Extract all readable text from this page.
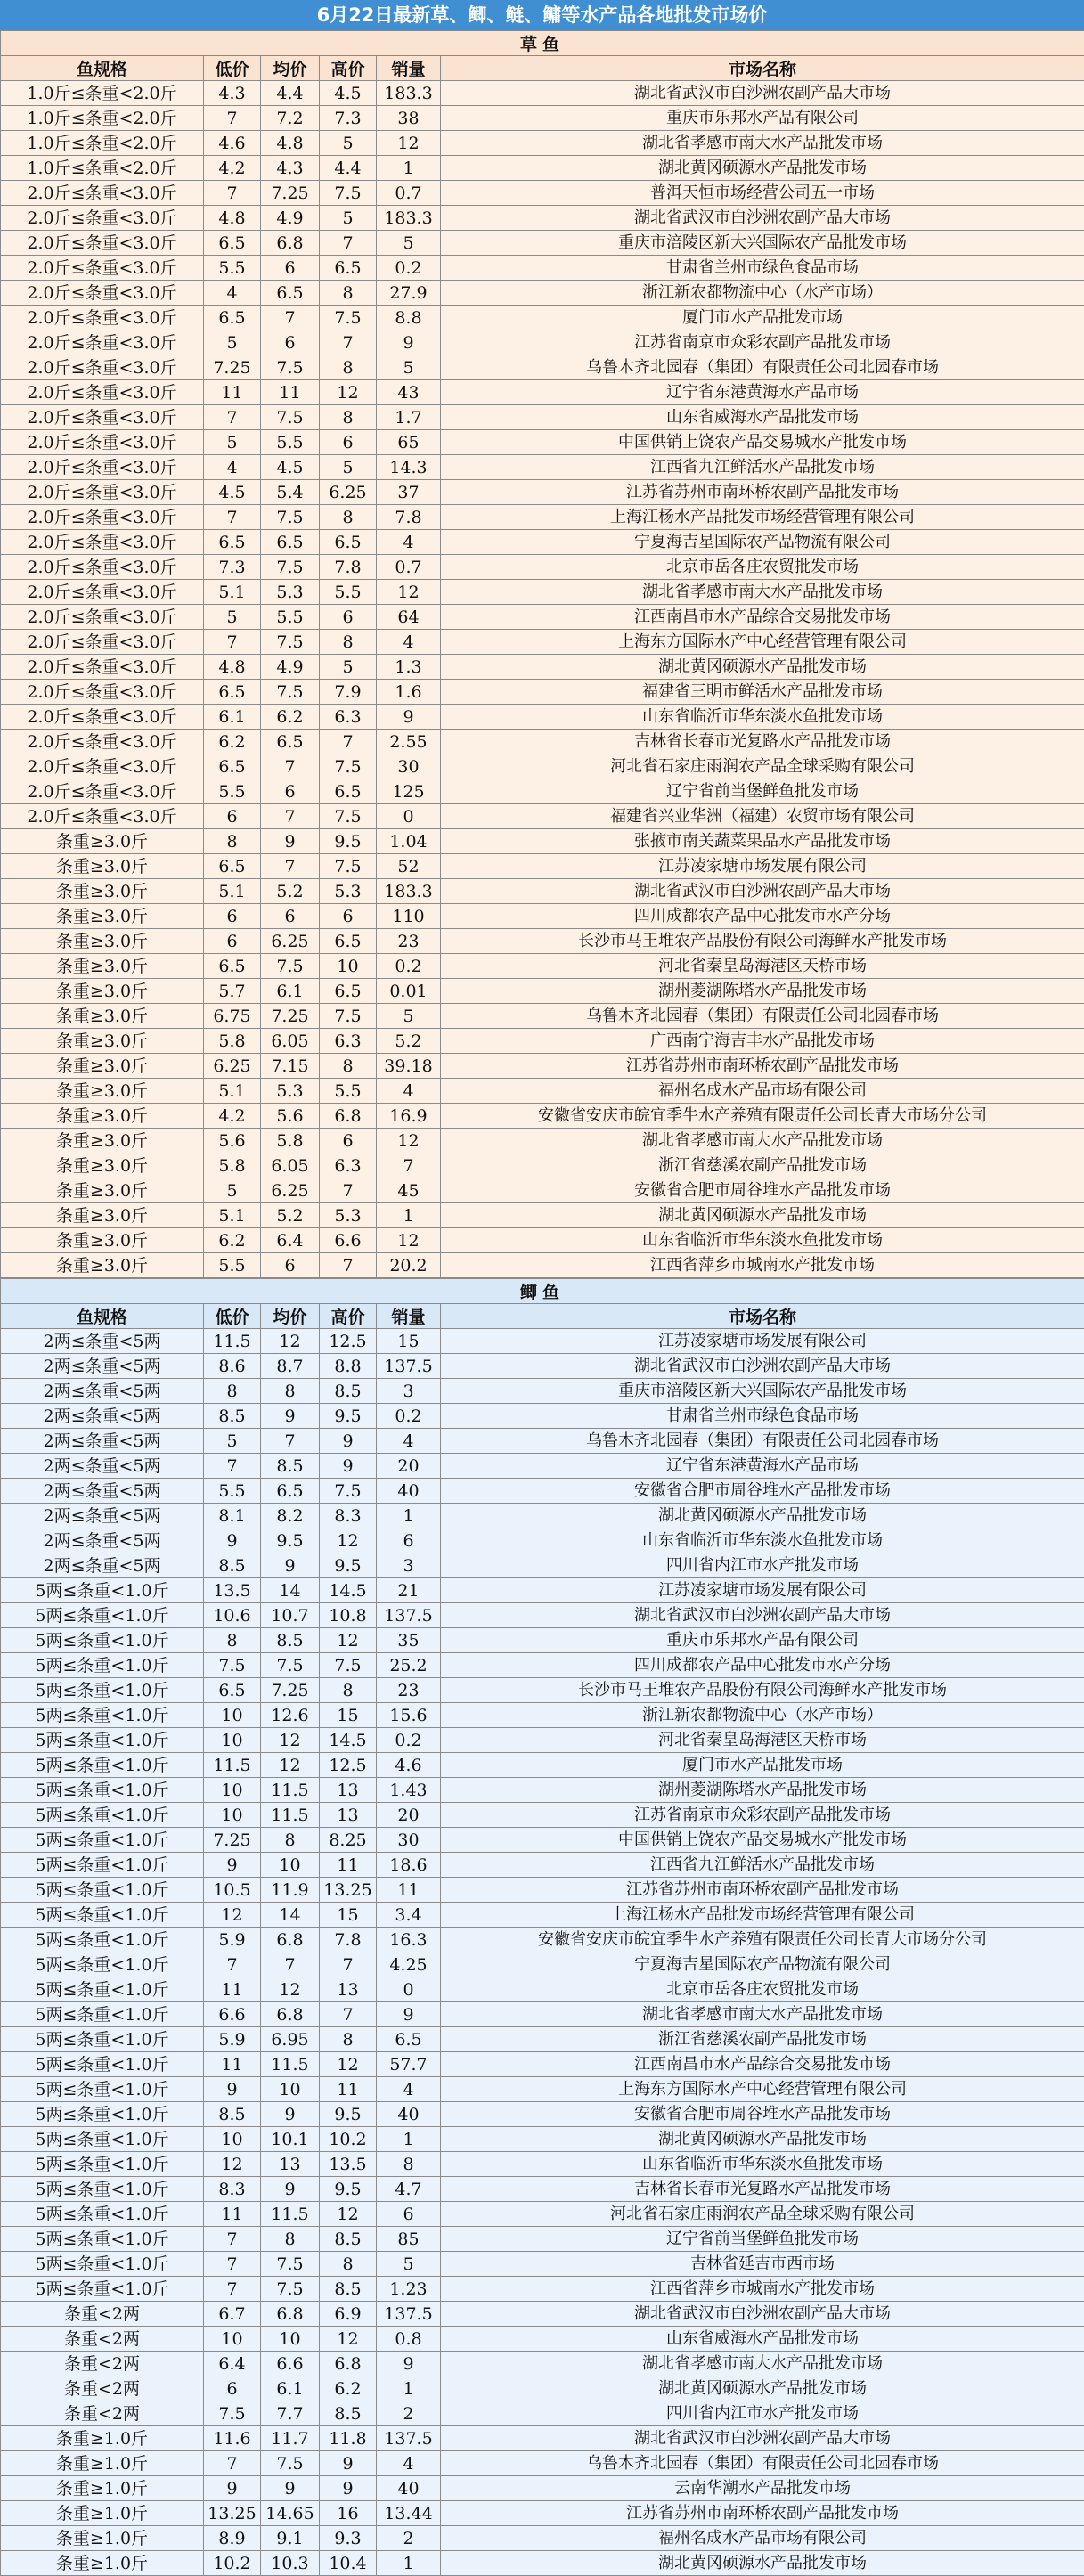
6月22日最新草、鲫、鲢、鳙等水产品各地批发市场价
草鱼					
鱼规格	低价	均价	高价	销量	市场名称
1.0斤≤条重<2.0斤	4.3	4.4	4.5	183.3	湖北省武汉市白沙洲农副产品大市场
1.0斤≤条重<2.0斤	7	7.2	7.3	38	重庆市乐邦水产品有限公司
1.0斤≤条重<2.0斤	4.6	4.8	5	12	湖北省孝感市南大水产品批发市场
1.0斤≤条重<2.0斤	4.2	4.3	4.4	1	湖北黄冈硕源水产品批发市场
2.0斤≤条重<3.0斤	7	7.25	7.5	0.7	普洱天恒市场经营公司五一市场
2.0斤≤条重<3.0斤	4.8	4.9	5	183.3	湖北省武汉市白沙洲农副产品大市场
2.0斤≤条重<3.0斤	6.5	6.8	7	5	重庆市涪陵区新大兴国际农产品批发市场
2.0斤≤条重<3.0斤	5.5	6	6.5	0.2	甘肃省兰州市绿色食品市场
2.0斤≤条重<3.0斤	4	6.5	8	27.9	浙江新农都物流中心（水产市场）
2.0斤≤条重<3.0斤	6.5	7	7.5	8.8	厦门市水产品批发市场
2.0斤≤条重<3.0斤	5	6	7	9	江苏省南京市众彩农副产品批发市场
2.0斤≤条重<3.0斤	7.25	7.5	8	5	乌鲁木齐北园春（集团）有限责任公司北园春市场
2.0斤≤条重<3.0斤	11	11	12	43	辽宁省东港黄海水产品市场
2.0斤≤条重<3.0斤	7	7.5	8	1.7	山东省威海水产品批发市场
2.0斤≤条重<3.0斤	5	5.5	6	65	中国供销上饶农产品交易城水产批发市场
2.0斤≤条重<3.0斤	4	4.5	5	14.3	江西省九江鲜活水产品批发市场
2.0斤≤条重<3.0斤	4.5	5.4	6.25	37	江苏省苏州市南环桥农副产品批发市场
2.0斤≤条重<3.0斤	7	7.5	8	7.8	上海江杨水产品批发市场经营管理有限公司
2.0斤≤条重<3.0斤	6.5	6.5	6.5	4	宁夏海吉星国际农产品物流有限公司
2.0斤≤条重<3.0斤	7.3	7.5	7.8	0.7	北京市岳各庄农贸批发市场
2.0斤≤条重<3.0斤	5.1	5.3	5.5	12	湖北省孝感市南大水产品批发市场
2.0斤≤条重<3.0斤	5	5.5	6	64	江西南昌市水产品综合交易批发市场
2.0斤≤条重<3.0斤	7	7.5	8	4	上海东方国际水产中心经营管理有限公司
2.0斤≤条重<3.0斤	4.8	4.9	5	1.3	湖北黄冈硕源水产品批发市场
2.0斤≤条重<3.0斤	6.5	7.5	7.9	1.6	福建省三明市鲜活水产品批发市场
2.0斤≤条重<3.0斤	6.1	6.2	6.3	9	山东省临沂市华东淡水鱼批发市场
2.0斤≤条重<3.0斤	6.2	6.5	7	2.55	吉林省长春市光复路水产品批发市场
2.0斤≤条重<3.0斤	6.5	7	7.5	30	河北省石家庄雨润农产品全球采购有限公司
2.0斤≤条重<3.0斤	5.5	6	6.5	125	辽宁省前当堡鲜鱼批发市场
2.0斤≤条重<3.0斤	6	7	7.5	0	福建省兴业华洲（福建）农贸市场有限公司
条重≥3.0斤	8	9	9.5	1.04	张掖市南关蔬菜果品水产品批发市场
条重≥3.0斤	6.5	7	7.5	52	江苏凌家塘市场发展有限公司
条重≥3.0斤	5.1	5.2	5.3	183.3	湖北省武汉市白沙洲农副产品大市场
条重≥3.0斤	6	6	6	110	四川成都农产品中心批发市水产分场
条重≥3.0斤	6	6.25	6.5	23	长沙市马王堆农产品股份有限公司海鲜水产批发市场
条重≥3.0斤	6.5	7.5	10	0.2	河北省秦皇岛海港区天桥市场
条重≥3.0斤	5.7	6.1	6.5	0.01	湖州菱湖陈塔水产品批发市场
条重≥3.0斤	6.75	7.25	7.5	5	乌鲁木齐北园春（集团）有限责任公司北园春市场
条重≥3.0斤	5.8	6.05	6.3	5.2	广西南宁海吉丰水产品批发市场
条重≥3.0斤	6.25	7.15	8	39.18	江苏省苏州市南环桥农副产品批发市场
条重≥3.0斤	5.1	5.3	5.5	4	福州名成水产品市场有限公司
条重≥3.0斤	4.2	5.6	6.8	16.9	安徽省安庆市皖宜季牛水产养殖有限责任公司长青大市场分公司
条重≥3.0斤	5.6	5.8	6	12	湖北省孝感市南大水产品批发市场
条重≥3.0斤	5.8	6.05	6.3	7	浙江省慈溪农副产品批发市场
条重≥3.0斤	5	6.25	7	45	安徽省合肥市周谷堆水产品批发市场
条重≥3.0斤	5.1	5.2	5.3	1	湖北黄冈硕源水产品批发市场
条重≥3.0斤	6.2	6.4	6.6	12	山东省临沂市华东淡水鱼批发市场
条重≥3.0斤	5.5	6	7	20.2	江西省萍乡市城南水产批发市场
鲫鱼					
鱼规格	低价	均价	高价	销量	市场名称
2两≤条重<5两	11.5	12	12.5	15	江苏凌家塘市场发展有限公司
2两≤条重<5两	8.6	8.7	8.8	137.5	湖北省武汉市白沙洲农副产品大市场
2两≤条重<5两	8	8	8.5	3	重庆市涪陵区新大兴国际农产品批发市场
2两≤条重<5两	8.5	9	9.5	0.2	甘肃省兰州市绿色食品市场
2两≤条重<5两	5	7	9	4	乌鲁木齐北园春（集团）有限责任公司北园春市场
2两≤条重<5两	7	8.5	9	20	辽宁省东港黄海水产品市场
2两≤条重<5两	5.5	6.5	7.5	40	安徽省合肥市周谷堆水产品批发市场
2两≤条重<5两	8.1	8.2	8.3	1	湖北黄冈硕源水产品批发市场
2两≤条重<5两	9	9.5	12	6	山东省临沂市华东淡水鱼批发市场
2两≤条重<5两	8.5	9	9.5	3	四川省内江市水产批发市场
5两≤条重<1.0斤	13.5	14	14.5	21	江苏凌家塘市场发展有限公司
5两≤条重<1.0斤	10.6	10.7	10.8	137.5	湖北省武汉市白沙洲农副产品大市场
5两≤条重<1.0斤	8	8.5	12	35	重庆市乐邦水产品有限公司
5两≤条重<1.0斤	7.5	7.5	7.5	25.2	四川成都农产品中心批发市水产分场
5两≤条重<1.0斤	6.5	7.25	8	23	长沙市马王堆农产品股份有限公司海鲜水产批发市场
5两≤条重<1.0斤	10	12.6	15	15.6	浙江新农都物流中心（水产市场）
5两≤条重<1.0斤	10	12	14.5	0.2	河北省秦皇岛海港区天桥市场
5两≤条重<1.0斤	11.5	12	12.5	4.6	厦门市水产品批发市场
5两≤条重<1.0斤	10	11.5	13	1.43	湖州菱湖陈塔水产品批发市场
5两≤条重<1.0斤	10	11.5	13	20	江苏省南京市众彩农副产品批发市场
5两≤条重<1.0斤	7.25	8	8.25	30	中国供销上饶农产品交易城水产批发市场
5两≤条重<1.0斤	9	10	11	18.6	江西省九江鲜活水产品批发市场
5两≤条重<1.0斤	10.5	11.9	13.25	11	江苏省苏州市南环桥农副产品批发市场
5两≤条重<1.0斤	12	14	15	3.4	上海江杨水产品批发市场经营管理有限公司
5两≤条重<1.0斤	5.9	6.8	7.8	16.3	安徽省安庆市皖宜季牛水产养殖有限责任公司长青大市场分公司
5两≤条重<1.0斤	7	7	7	4.25	宁夏海吉星国际农产品物流有限公司
5两≤条重<1.0斤	11	12	13	0	北京市岳各庄农贸批发市场
5两≤条重<1.0斤	6.6	6.8	7	9	湖北省孝感市南大水产品批发市场
5两≤条重<1.0斤	5.9	6.95	8	6.5	浙江省慈溪农副产品批发市场
5两≤条重<1.0斤	11	11.5	12	57.7	江西南昌市水产品综合交易批发市场
5两≤条重<1.0斤	9	10	11	4	上海东方国际水产中心经营管理有限公司
5两≤条重<1.0斤	8.5	9	9.5	40	安徽省合肥市周谷堆水产品批发市场
5两≤条重<1.0斤	10	10.1	10.2	1	湖北黄冈硕源水产品批发市场
5两≤条重<1.0斤	12	13	13.5	8	山东省临沂市华东淡水鱼批发市场
5两≤条重<1.0斤	8.3	9	9.5	4.7	吉林省长春市光复路水产品批发市场
5两≤条重<1.0斤	11	11.5	12	6	河北省石家庄雨润农产品全球采购有限公司
5两≤条重<1.0斤	7	8	8.5	85	辽宁省前当堡鲜鱼批发市场
5两≤条重<1.0斤	7	7.5	8	5	吉林省延吉市西市场
5两≤条重<1.0斤	7	7.5	8.5	1.23	江西省萍乡市城南水产批发市场
条重<2两	6.7	6.8	6.9	137.5	湖北省武汉市白沙洲农副产品大市场
条重<2两	10	10	12	0.8	山东省威海水产品批发市场
条重<2两	6.4	6.6	6.8	9	湖北省孝感市南大水产品批发市场
条重<2两	6	6.1	6.2	1	湖北黄冈硕源水产品批发市场
条重<2两	7.5	7.7	8.5	2	四川省内江市水产批发市场
条重≥1.0斤	11.6	11.7	11.8	137.5	湖北省武汉市白沙洲农副产品大市场
条重≥1.0斤	7	7.5	9	4	乌鲁木齐北园春（集团）有限责任公司北园春市场
条重≥1.0斤	9	9	9	40	云南华潮水产品批发市场
条重≥1.0斤	13.25	14.65	16	13.44	江苏省苏州市南环桥农副产品批发市场
条重≥1.0斤	8.9	9.1	9.3	2	福州名成水产品市场有限公司
条重≥1.0斤	10.2	10.3	10.4	1	湖北黄冈硕源水产品批发市场
